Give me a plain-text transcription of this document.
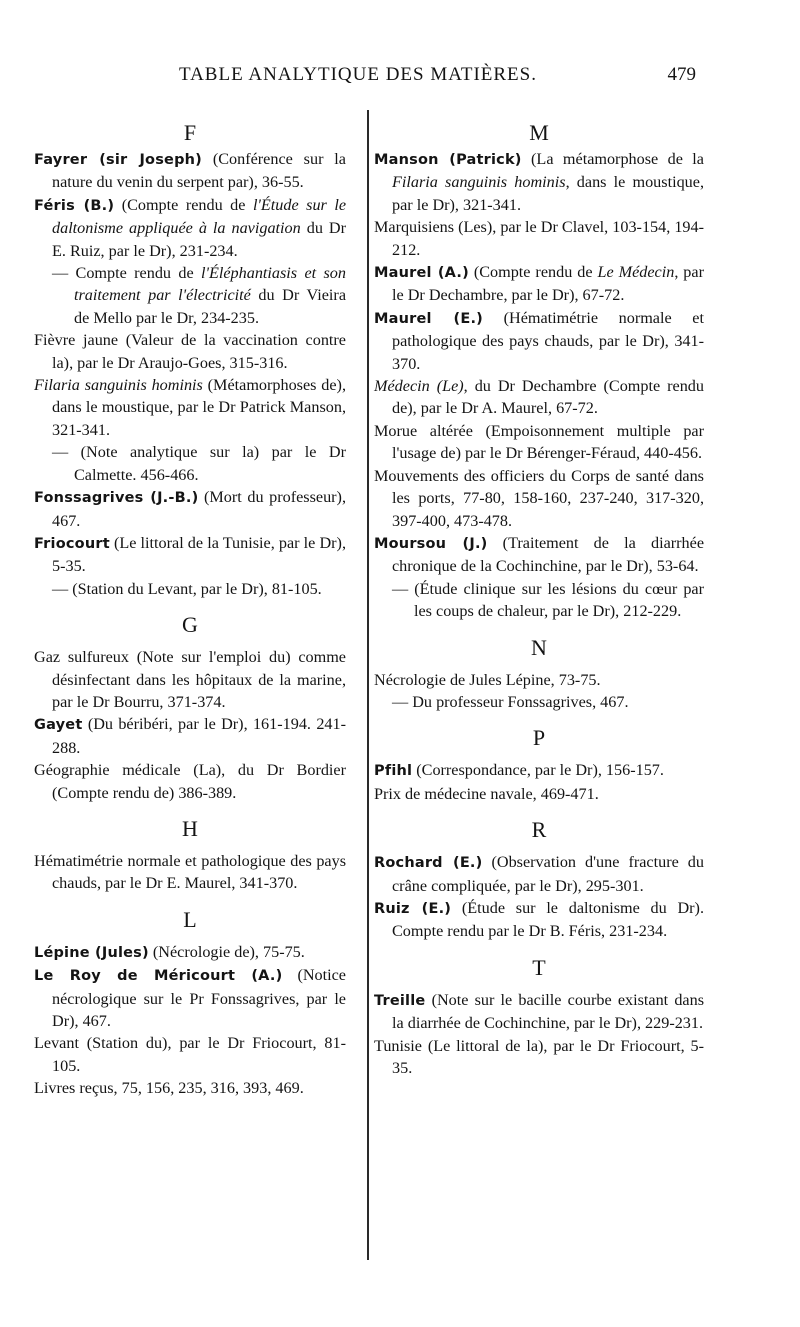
TABLE ANALYTIQUE DES MATIÈRES.	479
F
Fayrer (sir Joseph) (Conférence sur la nature du venin du serpent par), 36-55.
Féris (B.) (Compte rendu de l'Étude sur le daltonisme appliquée à la navigation du Dr E. Ruiz, par le Dr), 231-234.
— Compte rendu de l'Éléphantiasis et son traitement par l'électricité du Dr Vieira de Mello par le Dr, 234-235.
Fièvre jaune (Valeur de la vaccination contre la), par le Dr Araujo-Goes, 315-316.
Filaria sanguinis hominis (Métamorphoses de), dans le moustique, par le Dr Patrick Manson, 321-341.
— (Note analytique sur la) par le Dr Calmette. 456-466.
Fonssagrives (J.-B.) (Mort du professeur), 467.
Friocourt (Le littoral de la Tunisie, par le Dr), 5-35.
— (Station du Levant, par le Dr), 81-105.
G
Gaz sulfureux (Note sur l'emploi du) comme désinfectant dans les hôpitaux de la marine, par le Dr Bourru, 371-374.
Gayet (Du béribéri, par le Dr), 161-194. 241-288.
Géographie médicale (La), du Dr Bordier (Compte rendu de) 386-389.
H
Hématimétrie normale et pathologique des pays chauds, par le Dr E. Maurel, 341-370.
L
Lépine (Jules) (Nécrologie de), 75-75.
Le Roy de Méricourt (A.) (Notice nécrologique sur le Pr Fonssagrives, par le Dr), 467.
Levant (Station du), par le Dr Friocourt, 81-105.
Livres reçus, 75, 156, 235, 316, 393, 469.
M
Manson (Patrick) (La métamorphose de la Filaria sanguinis hominis, dans le moustique, par le Dr), 321-341.
Marquisiens (Les), par le Dr Clavel, 103-154, 194-212.
Maurel (A.) (Compte rendu de Le Médecin, par le Dr Dechambre, par le Dr), 67-72.
Maurel (E.) (Hématimétrie normale et pathologique des pays chauds, par le Dr), 341-370.
Médecin (Le), du Dr Dechambre (Compte rendu de), par le Dr A. Maurel, 67-72.
Morue altérée (Empoisonnement multiple par l'usage de) par le Dr Bérenger-Féraud, 440-456.
Mouvements des officiers du Corps de santé dans les ports, 77-80, 158-160, 237-240, 317-320, 397-400, 473-478.
Moursou (J.) (Traitement de la diarrhée chronique de la Cochinchine, par le Dr), 53-64.
— (Étude clinique sur les lésions du cœur par les coups de chaleur, par le Dr), 212-229.
N
Nécrologie de Jules Lépine, 73-75.
— Du professeur Fonssagrives, 467.
P
Pfihl (Correspondance, par le Dr), 156-157.
Prix de médecine navale, 469-471.
R
Rochard (E.) (Observation d'une fracture du crâne compliquée, par le Dr), 295-301.
Ruiz (E.) (Étude sur le daltonisme du Dr). Compte rendu par le Dr B. Féris, 231-234.
T
Treille (Note sur le bacille courbe existant dans la diarrhée de Cochinchine, par le Dr), 229-231.
Tunisie (Le littoral de la), par le Dr Friocourt, 5-35.
